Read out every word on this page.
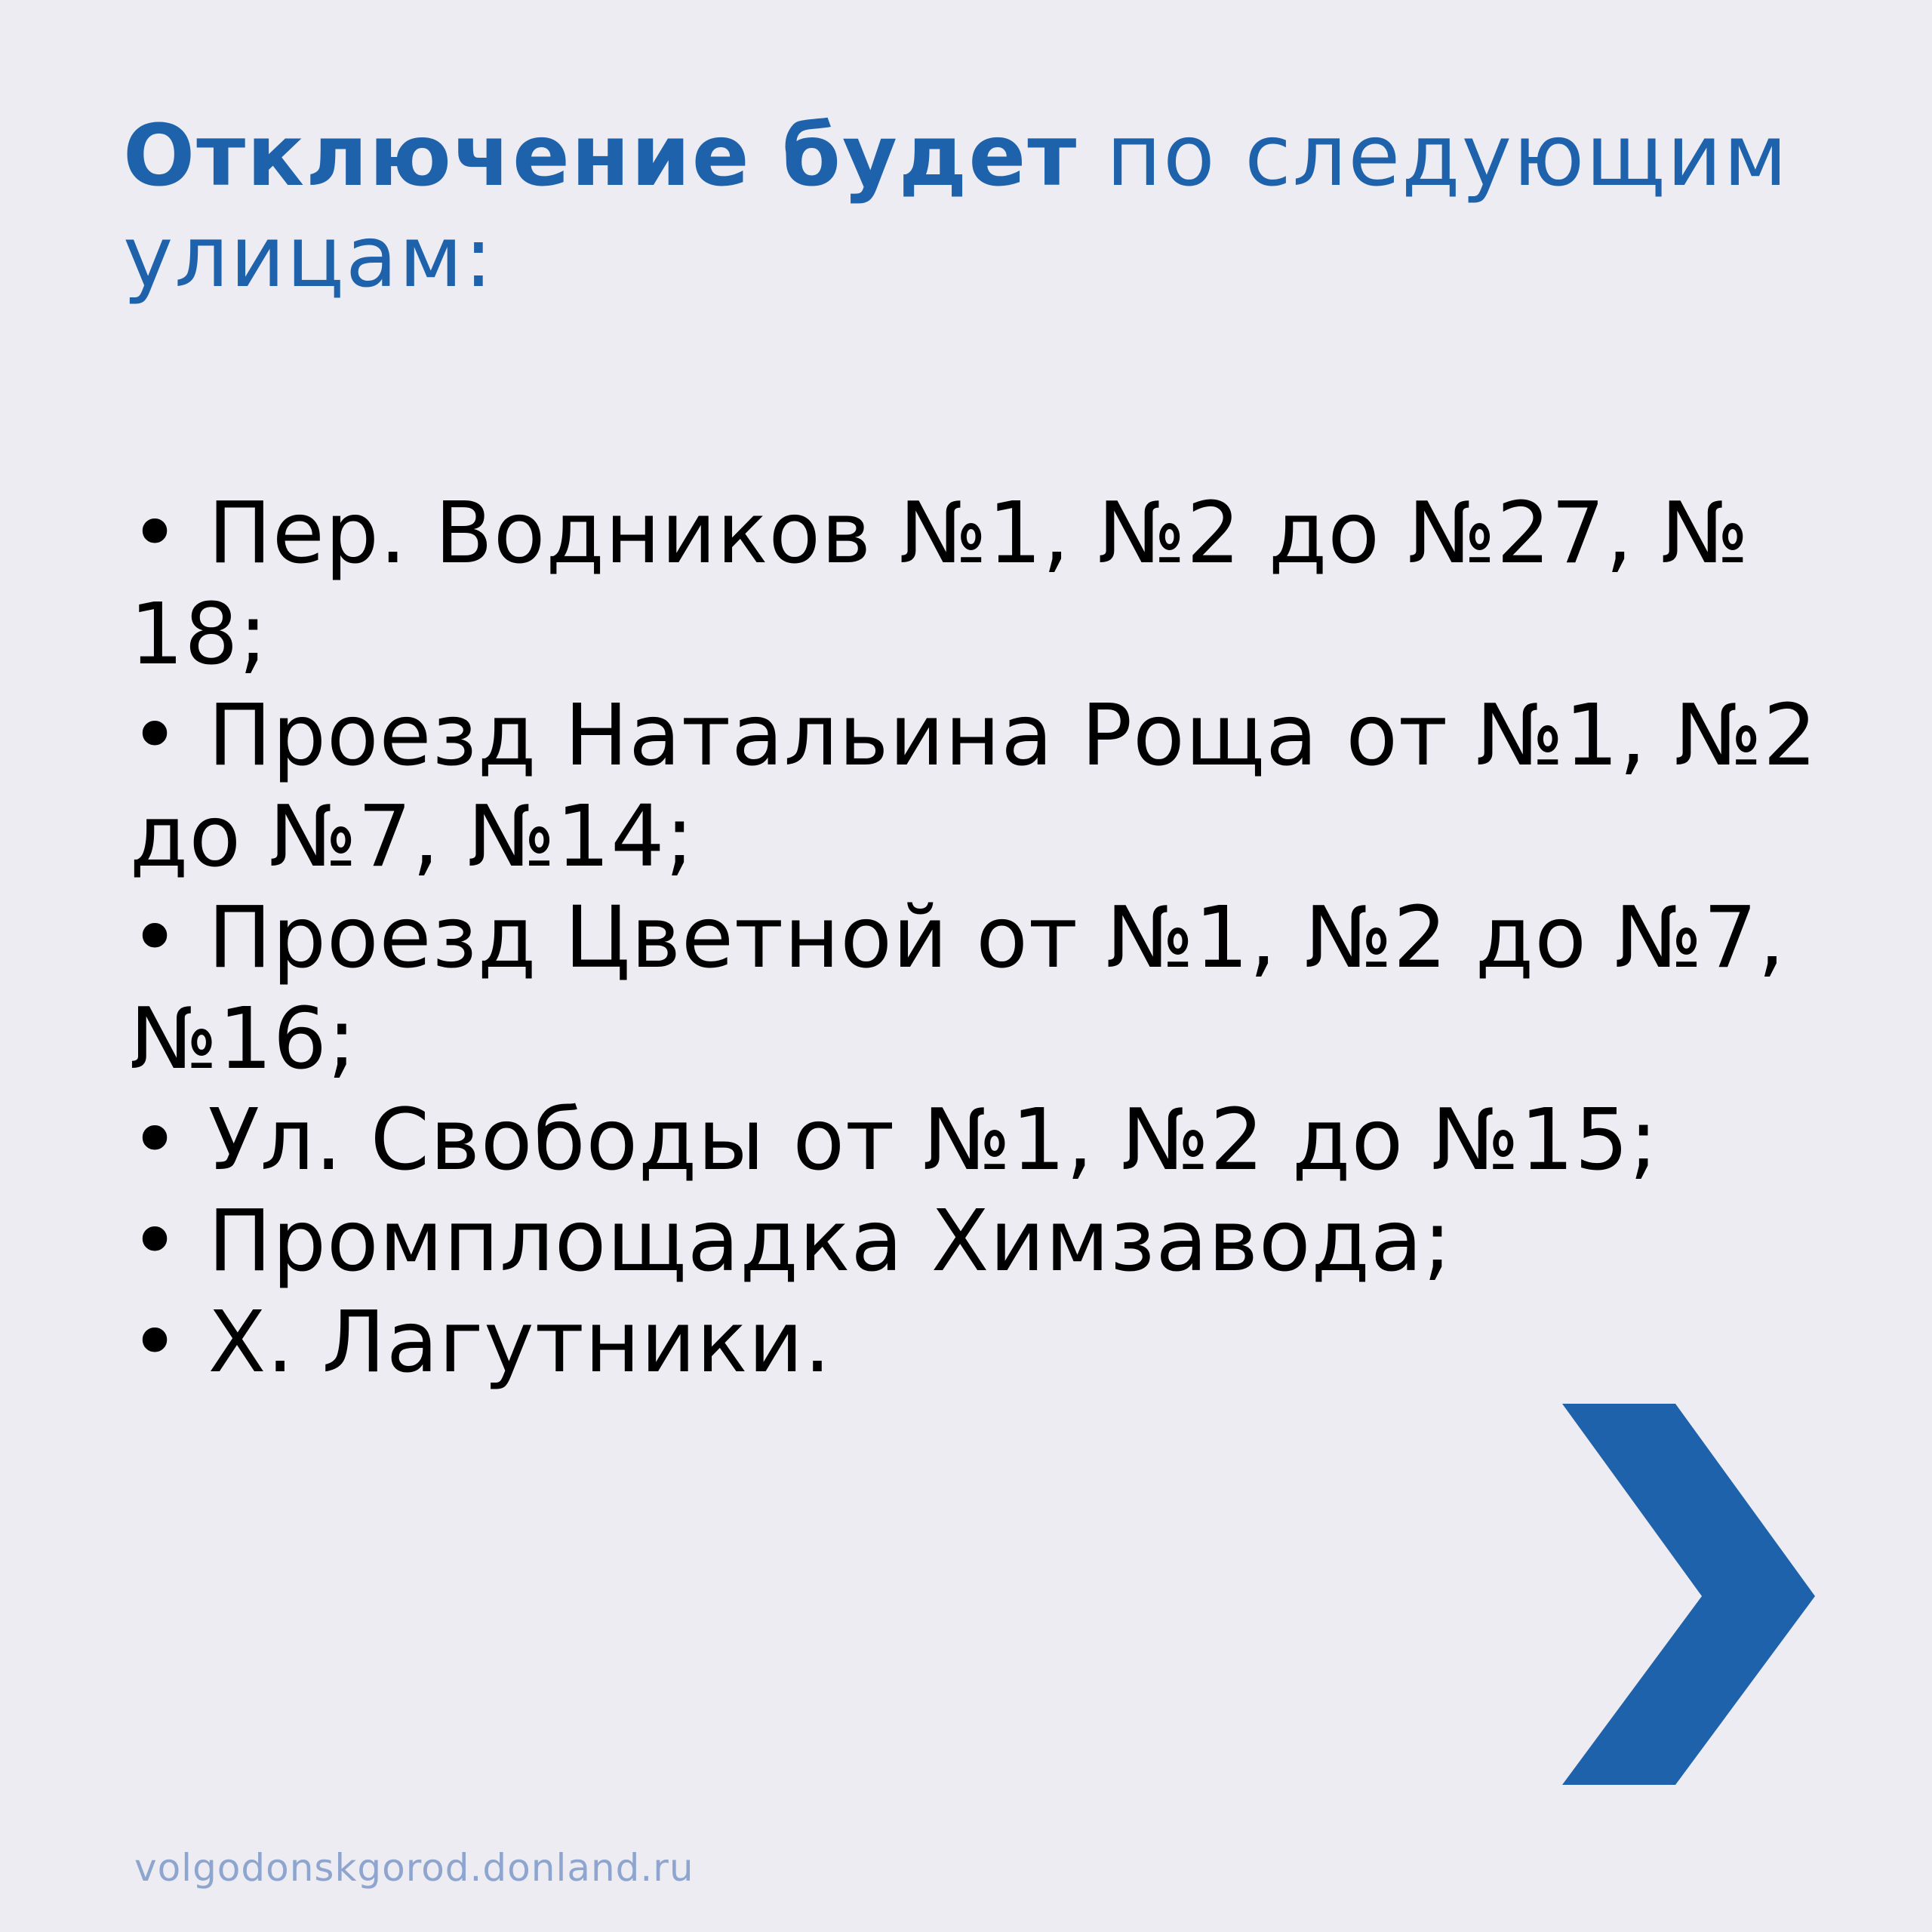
Отключение будет по следующим улицам:
• Пер. Водников №1, №2 до №27, № 18;
• Проезд Натальина Роща от №1, №2 до №7, №14;
• Проезд Цветной от №1, №2 до №7, №16;
• Ул. Свободы от №1, №2 до №15;
• Промплощадка Химзавода;
• Х. Лагутники.
volgodonskgorod.donland.ru
